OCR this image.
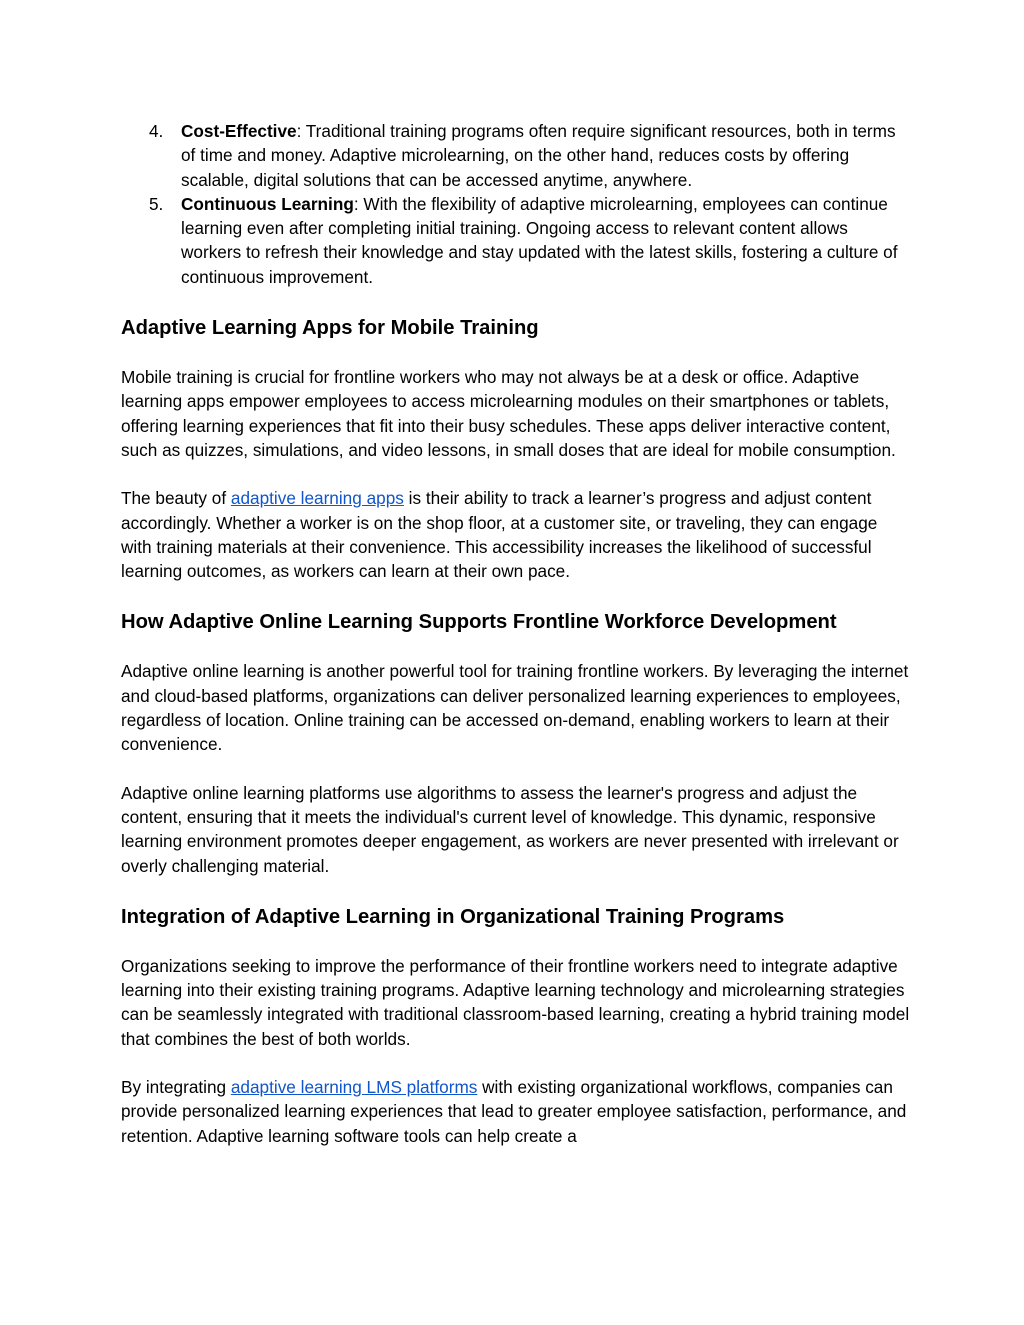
4. Cost-Effective: Traditional training programs often require significant resources, both in terms of time and money. Adaptive microlearning, on the other hand, reduces costs by offering scalable, digital solutions that can be accessed anytime, anywhere.
5. Continuous Learning: With the flexibility of adaptive microlearning, employees can continue learning even after completing initial training. Ongoing access to relevant content allows workers to refresh their knowledge and stay updated with the latest skills, fostering a culture of continuous improvement.
Adaptive Learning Apps for Mobile Training

Mobile training is crucial for frontline workers who may not always be at a desk or office. Adaptive learning apps empower employees to access microlearning modules on their smartphones or tablets, offering learning experiences that fit into their busy schedules. These apps deliver interactive content, such as quizzes, simulations, and video lessons, in small doses that are ideal for mobile consumption.

The beauty of adaptive learning apps is their ability to track a learner’s progress and adjust content accordingly. Whether a worker is on the shop floor, at a customer site, or traveling, they can engage with training materials at their convenience. This accessibility increases the likelihood of successful learning outcomes, as workers can learn at their own pace.

How Adaptive Online Learning Supports Frontline Workforce Development

Adaptive online learning is another powerful tool for training frontline workers. By leveraging the internet and cloud-based platforms, organizations can deliver personalized learning experiences to employees, regardless of location. Online training can be accessed on-demand, enabling workers to learn at their convenience.

Adaptive online learning platforms use algorithms to assess the learner's progress and adjust the content, ensuring that it meets the individual's current level of knowledge. This dynamic, responsive learning environment promotes deeper engagement, as workers are never presented with irrelevant or overly challenging material.

Integration of Adaptive Learning in Organizational Training Programs

Organizations seeking to improve the performance of their frontline workers need to integrate adaptive learning into their existing training programs. Adaptive learning technology and microlearning strategies can be seamlessly integrated with traditional classroom-based learning, creating a hybrid training model that combines the best of both worlds.

By integrating adaptive learning LMS platforms with existing organizational workflows, companies can provide personalized learning experiences that lead to greater employee satisfaction, performance, and retention. Adaptive learning software tools can help create a
